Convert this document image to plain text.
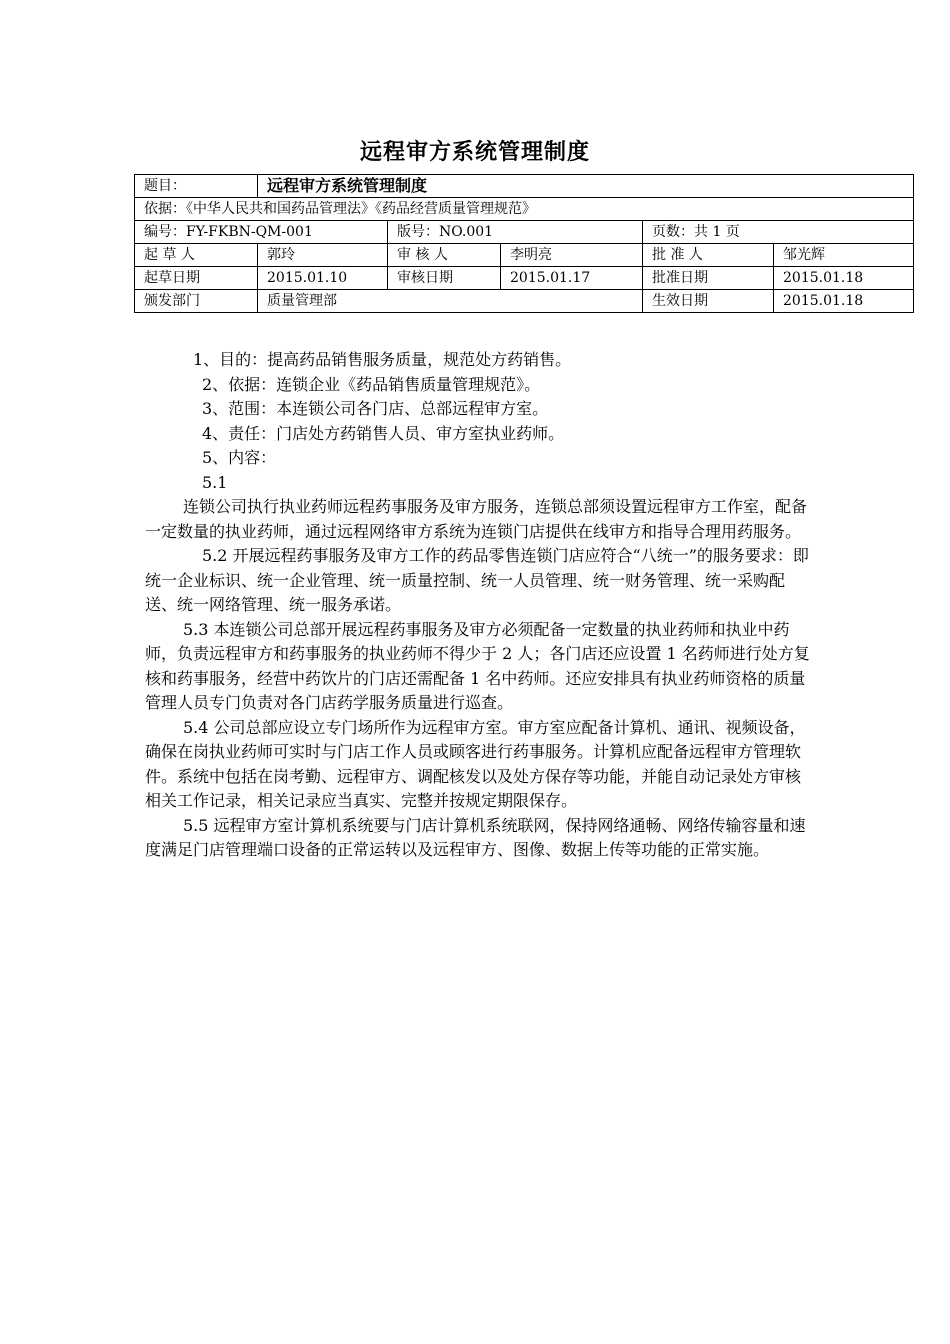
远程审方系统管理制度
题目：	远程审方系统管理制度				
依据：《中华人民共和国药品管理法》《药品经营质量管理规范》					
编号：FY-FKBN-QM-001		版号：NO.001		页数：共 1 页	
起 草 人	郭玲	审 核 人	李明亮	批 准 人	邹光辉
起草日期	2015.01.10	审核日期	2015.01.17	批准日期	2015.01.18
颁发部门	质量管理部			生效日期	2015.01.18

1、目的：提高药品销售服务质量，规范处方药销售。

2、依据：连锁企业《药品销售质量管理规范》。

3、范围：本连锁公司各门店、总部远程审方室。

4、责任：门店处方药销售人员、审方室执业药师。

5、内容：

5.1

连锁公司执行执业药师远程药事服务及审方服务，连锁总部须设置远程审方工作室，配备一定数量的执业药师，通过远程网络审方系统为连锁门店提供在线审方和指导合理用药服务。

5.2 开展远程药事服务及审方工作的药品零售连锁门店应符合“八统一”的服务要求：即统一企业标识、统一企业管理、统一质量控制、统一人员管理、统一财务管理、统一采购配送、统一网络管理、统一服务承诺。

5.3 本连锁公司总部开展远程药事服务及审方必须配备一定数量的执业药师和执业中药师，负责远程审方和药事服务的执业药师不得少于 2 人；各门店还应设置 1 名药师进行处方复核和药事服务，经营中药饮片的门店还需配备 1 名中药师。还应安排具有执业药师资格的质量管理人员专门负责对各门店药学服务质量进行巡查。

5.4 公司总部应设立专门场所作为远程审方室。审方室应配备计算机、通讯、视频设备，确保在岗执业药师可实时与门店工作人员或顾客进行药事服务。计算机应配备远程审方管理软件。系统中包括在岗考勤、远程审方、调配核发以及处方保存等功能，并能自动记录处方审核相关工作记录，相关记录应当真实、完整并按规定期限保存。

5.5 远程审方室计算机系统要与门店计算机系统联网，保持网络通畅、网络传输容量和速度满足门店管理端口设备的正常运转以及远程审方、图像、数据上传等功能的正常实施。
